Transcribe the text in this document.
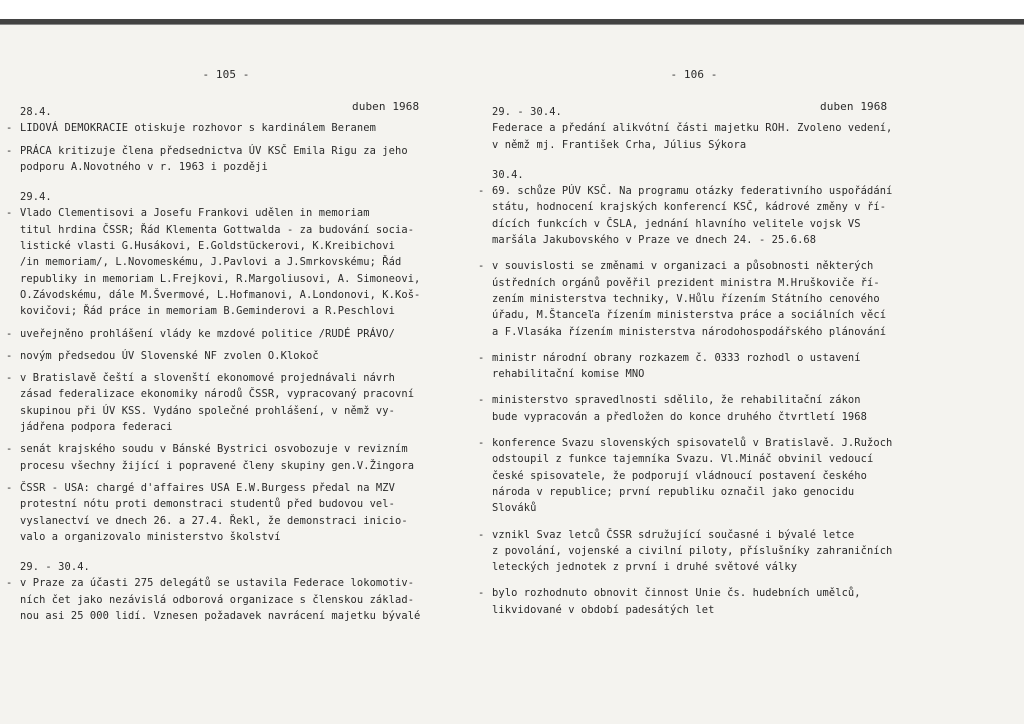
- 105 -
duben 1968
28.4.
- LIDOVÁ DEMOKRACIE otiskuje rozhovor s kardinálem Beranem
- PRÁCA kritizuje člena předsednictva ÚV KSČ Emila Rigu za jeho
podporu A.Novotného v r. 1963 i později
29.4.
- Vlado Clementisovi a Josefu Frankovi udělen in memoriam
titul hrdina ČSSR; Řád Klementa Gottwalda - za budování socia-
listické vlasti G.Husákovi, E.Goldstückerovi, K.Kreibichovi
/in memoriam/, L.Novomeskému, J.Pavlovi a J.Smrkovskému; Řád
republiky in memoriam L.Frejkovi, R.Margoliusovi, A. Simoneovi,
O.Závodskému, dále M.Švermové, L.Hofmanovi, A.Londonovi, K.Koš-
kovičovi; Řád práce in memoriam B.Geminderovi a R.Peschlovi
- uveřejněno prohlášení vlády ke mzdové politice /RUDÉ PRÁVO/
- novým předsedou ÚV Slovenské NF zvolen O.Klokoč
- v Bratislavě čeští a slovenští ekonomové projednávali návrh
zásad federalizace ekonomiky národů ČSSR, vypracovaný pracovní
skupinou při ÚV KSS. Vydáno společné prohlášení, v němž vy-
jádřena podpora federaci
- senát krajského soudu v Bánské Bystrici osvobozuje v revizním
procesu všechny žijící i popravené členy skupiny gen.V.Žingora
- ČSSR - USA: chargé d'affaires USA E.W.Burgess předal na MZV
protestní nótu proti demonstraci studentů před budovou vel-
vyslanectví ve dnech 26. a 27.4. Řekl, že demonstraci inicio-
valo a organizovalo ministerstvo školství
29. - 30.4.
- v Praze za účasti 275 delegátů se ustavila Federace lokomotiv-
ních čet jako nezávislá odborová organizace s členskou základ-
nou asi 25 000 lidí. Vznesen požadavek navrácení majetku bývalé
- 106 -
duben 1968
29. - 30.4.
Federace a předání alikvótní části majetku ROH. Zvoleno vedení,
v němž mj. František Crha, Július Sýkora
30.4.
- 69. schůze PÚV KSČ. Na programu otázky federativního uspořádání
státu, hodnocení krajských konferencí KSČ, kádrové změny v ří-
dících funkcích v ČSLA, jednání hlavního velitele vojsk VS
maršála Jakubovského v Praze ve dnech 24. - 25.6.68
- v souvislosti se změnami v organizaci a působnosti některých
ústředních orgánů pověřil prezident ministra M.Hruškoviče ří-
zením ministerstva techniky, V.Hůlu řízením Státního cenového
úřadu, M.Štanceľa řízením ministerstva práce a sociálních věcí
a F.Vlasáka řízením ministerstva národohospodářského plánování
- ministr národní obrany rozkazem č. 0333 rozhodl o ustavení
rehabilitační komise MNO
- ministerstvo spravedlnosti sdělilo, že rehabilitační zákon
bude vypracován a předložen do konce druhého čtvrtletí 1968
- konference Svazu slovenských spisovatelů v Bratislavě. J.Ružoch
odstoupil z funkce tajemníka Svazu. Vl.Mináč obvinil vedoucí
české spisovatele, že podporují vládnoucí postavení českého
národa v republice; první republiku označil jako genocidu
Slováků
- vznikl Svaz letců ČSSR sdružující současné i bývalé letce
z povolání, vojenské a civilní piloty, příslušníky zahraničních
leteckých jednotek z první i druhé světové války
- bylo rozhodnuto obnovit činnost Unie čs. hudebních umělců,
likvidované v období padesátých let
